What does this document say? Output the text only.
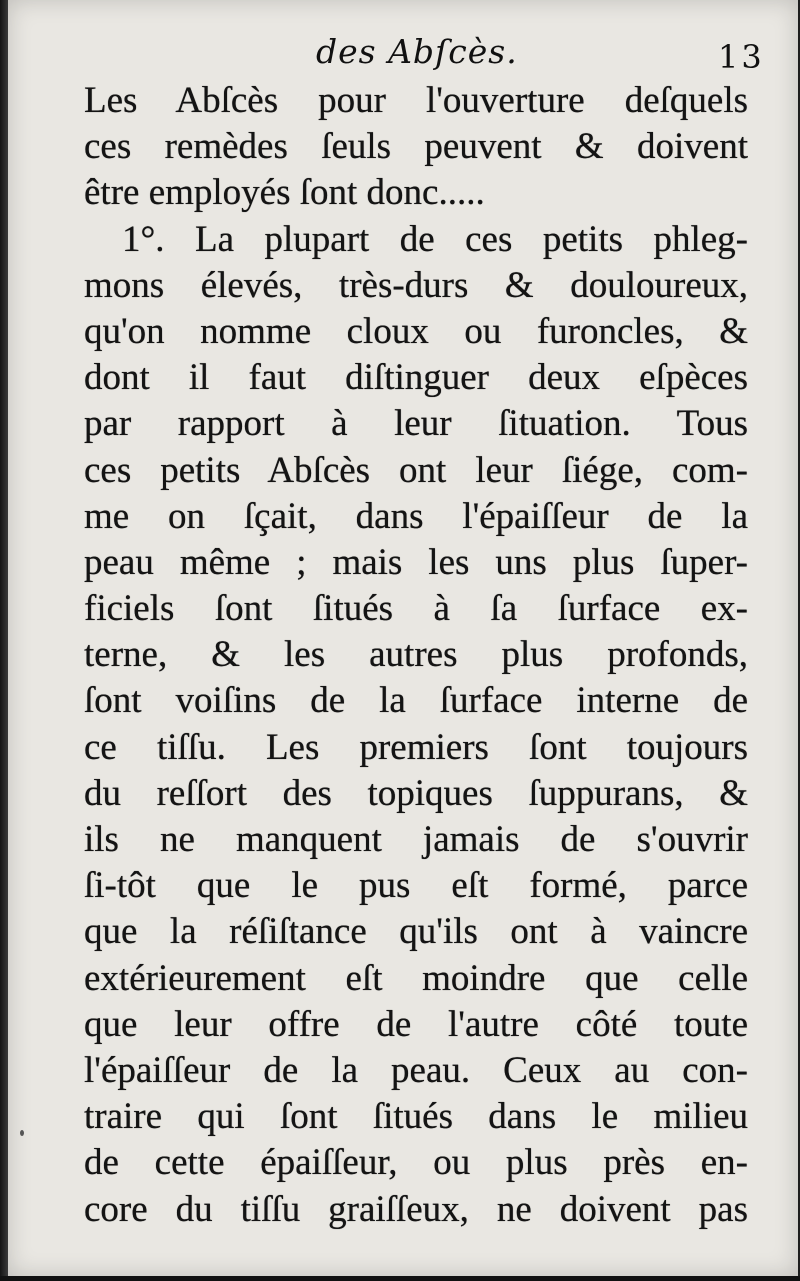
des Abſcès.	13
Les Abſcès pour l'ouverture deſquels
ces remèdes ſeuls peuvent & doivent
être employés ſont donc.....
1°. La plupart de ces petits phleg-
mons élevés, très-durs & douloureux,
qu'on nomme cloux ou furoncles, &
dont il faut diſtinguer deux eſpèces
par rapport à leur ſituation. Tous
ces petits Abſcès ont leur ſiége, com-
me on ſçait, dans l'épaiſſeur de la
peau même ; mais les uns plus ſuper-
ficiels ſont ſitués à ſa ſurface ex-
terne, & les autres plus profonds,
ſont voiſins de la ſurface interne de
ce tiſſu. Les premiers ſont toujours
du reſſort des topiques ſuppurans, &
ils ne manquent jamais de s'ouvrir
ſi-tôt que le pus eſt formé, parce
que la réſiſtance qu'ils ont à vaincre
extérieurement eſt moindre que celle
que leur offre de l'autre côté toute
l'épaiſſeur de la peau. Ceux au con-
traire qui ſont ſitués dans le milieu
de cette épaiſſeur, ou plus près en-
core du tiſſu graiſſeux, ne doivent pas
